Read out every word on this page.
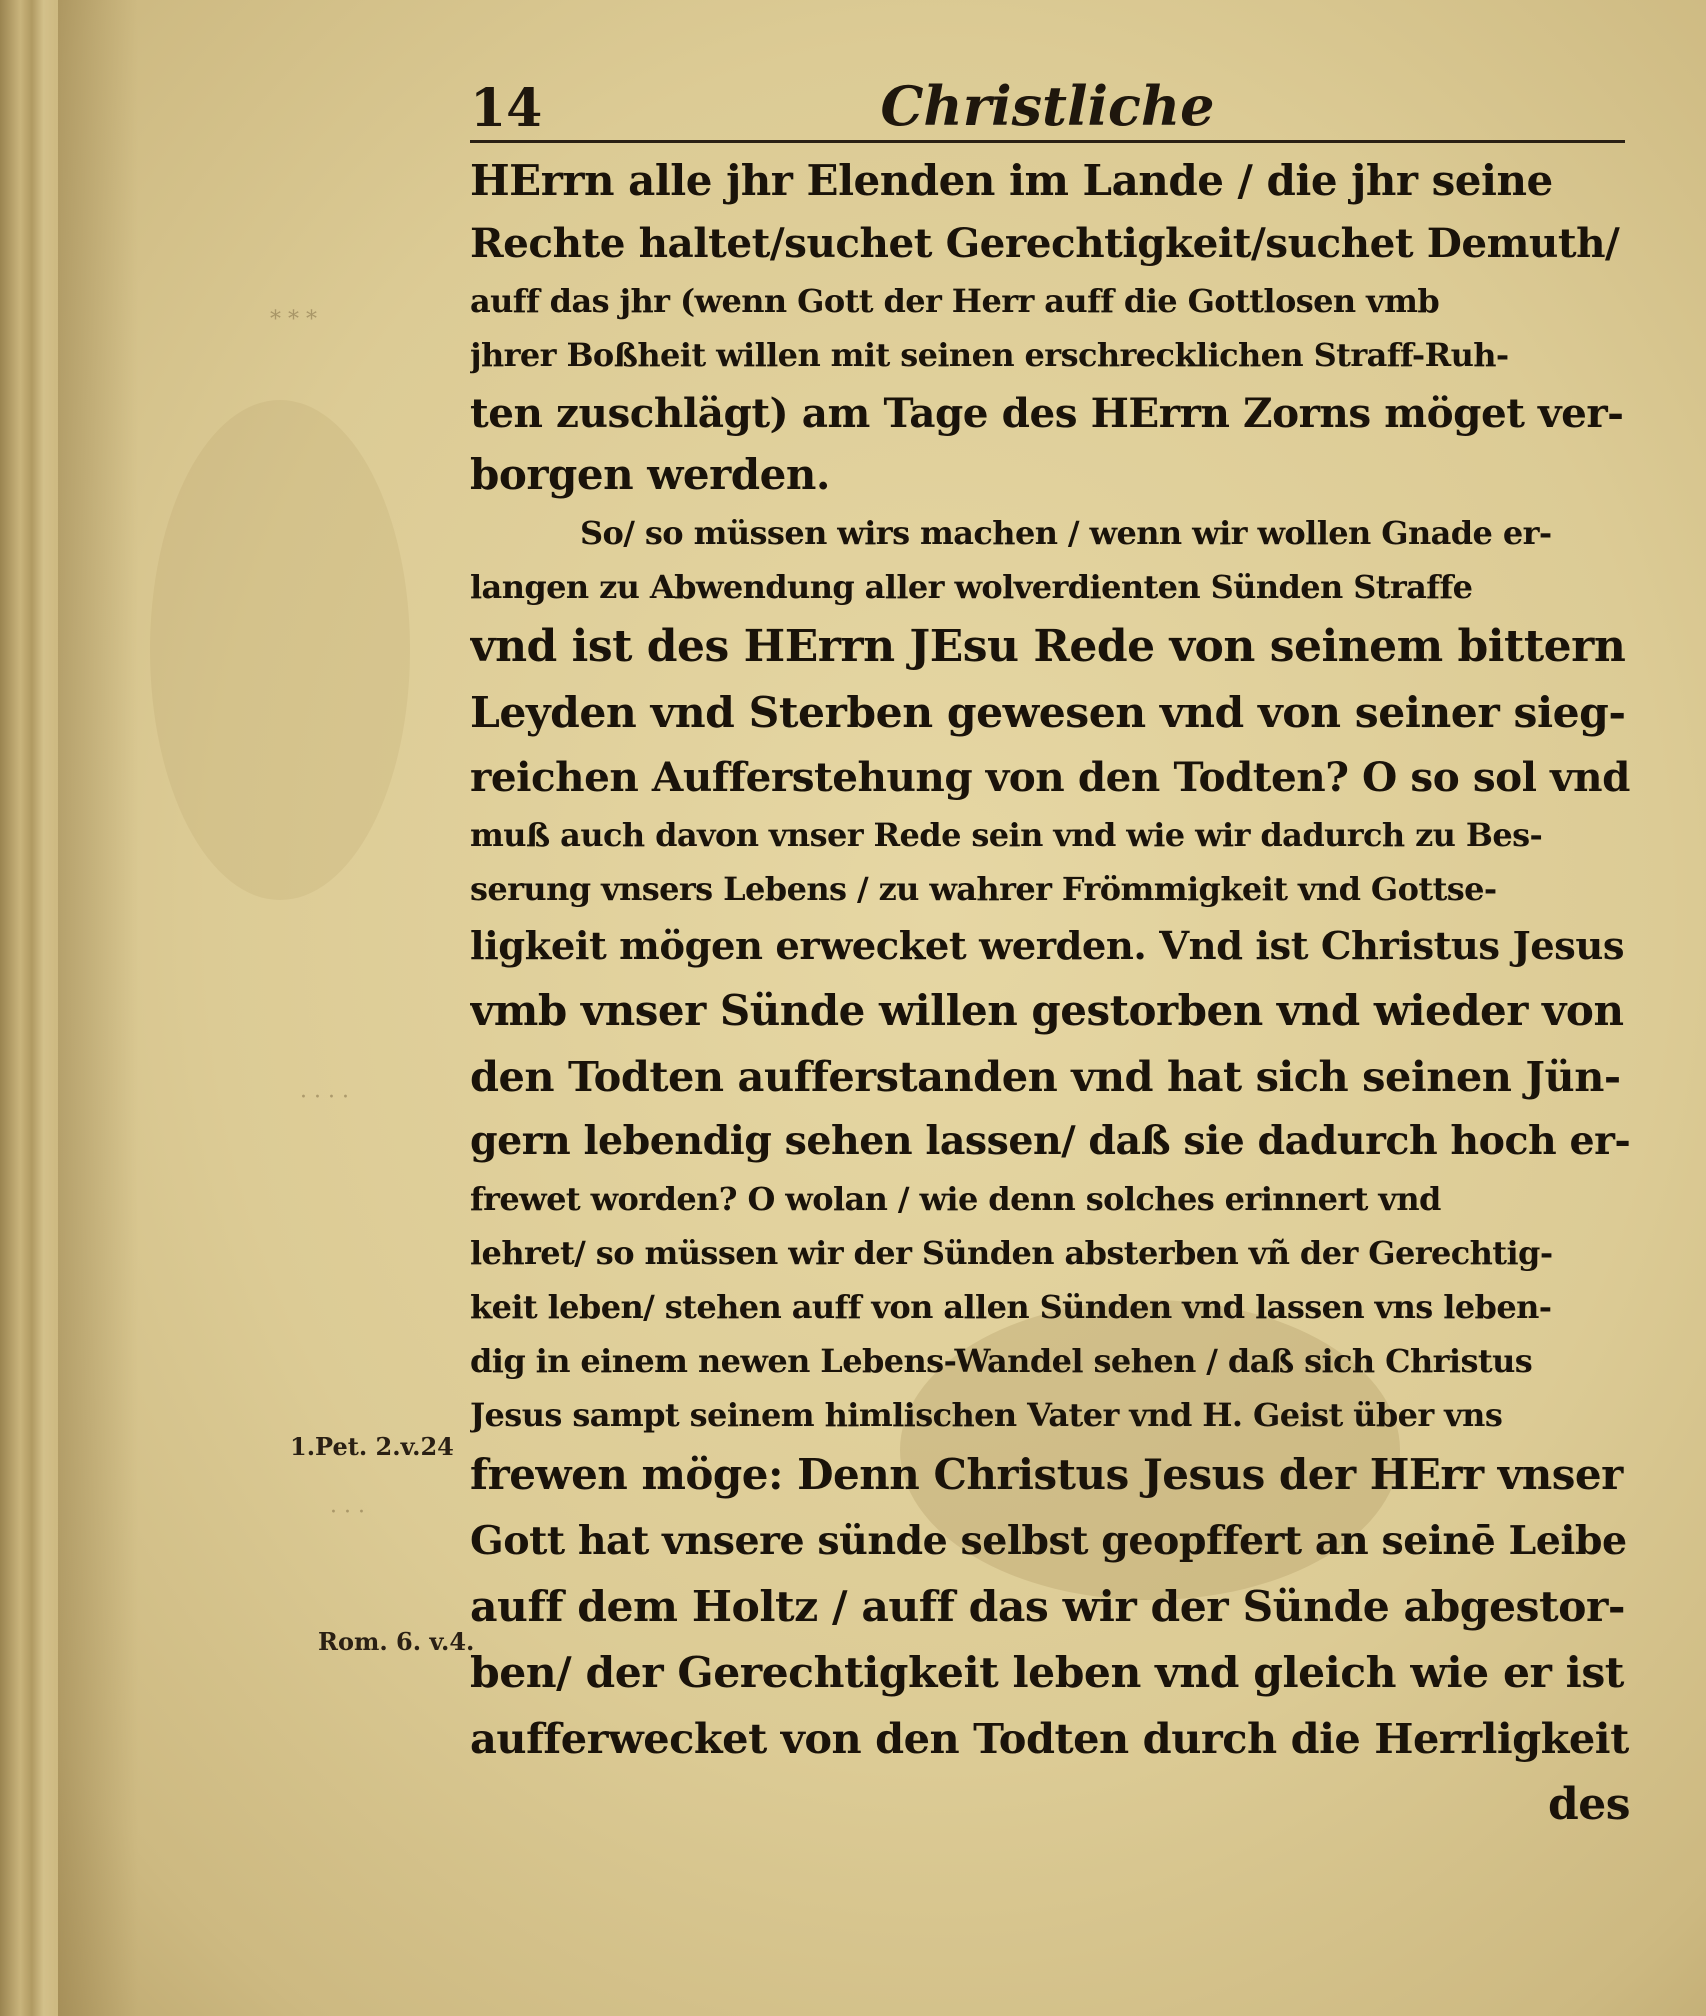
⁎ ⁎ ⁎
· · · ·
· · ·
14	Christliche
HErrn alle jhr Elenden im Lande / die jhr seine
Rechte haltet/suchet Gerechtigkeit/suchet Demuth/
auff das jhr (wenn Gott der Herr auff die Gottlosen vmb
jhrer Boßheit willen mit seinen erschrecklichen Straff-Ruh-
ten zuschlägt) am Tage des HErrn Zorns möget ver-
borgen werden.
So/ so müssen wirs machen / wenn wir wollen Gnade er-
langen zu Abwendung aller wolverdienten Sünden Straffe
vnd ist des HErrn JEsu Rede von seinem bittern
Leyden vnd Sterben gewesen vnd von seiner sieg-
reichen Aufferstehung von den Todten? O so sol vnd
muß auch davon vnser Rede sein vnd wie wir dadurch zu Bes-
serung vnsers Lebens / zu wahrer Frömmigkeit vnd Gottse-
ligkeit mögen erwecket werden. Vnd ist Christus Jesus
vmb vnser Sünde willen gestorben vnd wieder von
den Todten aufferstanden vnd hat sich seinen Jün-
gern lebendig sehen lassen/ daß sie dadurch hoch er-
frewet worden? O wolan / wie denn solches erinnert vnd
lehret/ so müssen wir der Sünden absterben vñ der Gerechtig-
keit leben/ stehen auff von allen Sünden vnd lassen vns leben-
dig in einem newen Lebens-Wandel sehen / daß sich Christus
Jesus sampt seinem himlischen Vater vnd H. Geist über vns
frewen möge: Denn Christus Jesus der HErr vnser
Gott hat vnsere sünde selbst geopffert an seinē Leibe
auff dem Holtz / auff das wir der Sünde abgestor-
ben/ der Gerechtigkeit leben vnd gleich wie er ist
aufferwecket von den Todten durch die Herrligkeit
des
1.Pet. 2.v.24
Rom. 6. v.4.
